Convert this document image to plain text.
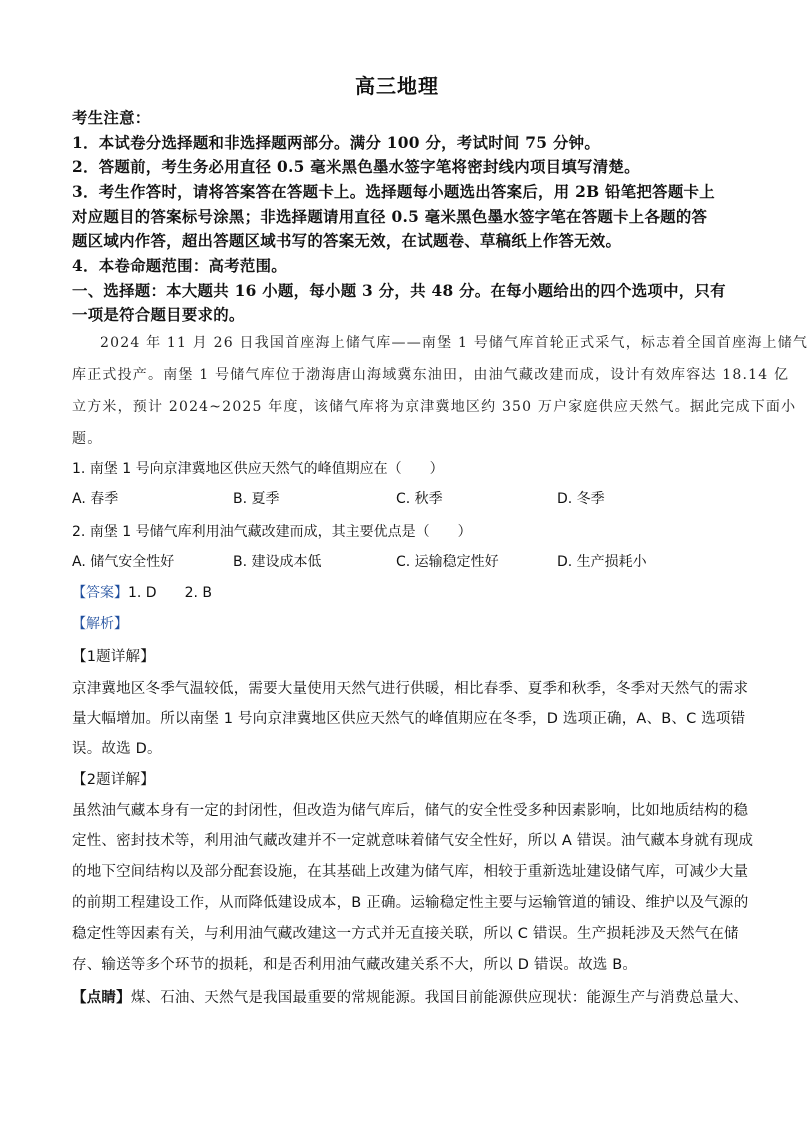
高三地理
考生注意：
1．本试卷分选择题和非选择题两部分。满分 100 分，考试时间 75 分钟。
2．答题前，考生务必用直径 0.5 毫米黑色墨水签字笔将密封线内项目填写清楚。
3．考生作答时，请将答案答在答题卡上。选择题每小题选出答案后，用 2B 铅笔把答题卡上
对应题目的答案标号涂黑；非选择题请用直径 0.5 毫米黑色墨水签字笔在答题卡上各题的答
题区域内作答，超出答题区域书写的答案无效，在试题卷、草稿纸上作答无效。
4．本卷命题范围：高考范围。
一、选择题：本大题共 16 小题，每小题 3 分，共 48 分。在每小题给出的四个选项中，只有
一项是符合题目要求的。
2024 年 11 月 26 日我国首座海上储气库——南堡 1 号储气库首轮正式采气，标志着全国首座海上储气
库正式投产。南堡 1 号储气库位于渤海唐山海域冀东油田，由油气藏改建而成，设计有效库容达 18.14 亿
立方米，预计 2024~2025 年度，该储气库将为京津冀地区约 350 万户家庭供应天然气。据此完成下面小
题。
1. 南堡 1 号向京津冀地区供应天然气的峰值期应在（　　）
A. 春季	B. 夏季	C. 秋季	D. 冬季
2. 南堡 1 号储气库利用油气藏改建而成，其主要优点是（　　）
A. 储气安全性好	B. 建设成本低	C. 运输稳定性好	D. 生产损耗小
【答案】1. D　　2. B
【解析】
【1题详解】
京津冀地区冬季气温较低，需要大量使用天然气进行供暖，相比春季、夏季和秋季，冬季对天然气的需求
量大幅增加。所以南堡 1 号向京津冀地区供应天然气的峰值期应在冬季，D 选项正确，A、B、C 选项错
误。故选 D。
【2题详解】
虽然油气藏本身有一定的封闭性，但改造为储气库后，储气的安全性受多种因素影响，比如地质结构的稳
定性、密封技术等，利用油气藏改建并不一定就意味着储气安全性好，所以 A 错误。油气藏本身就有现成
的地下空间结构以及部分配套设施，在其基础上改建为储气库，相较于重新选址建设储气库，可减少大量
的前期工程建设工作，从而降低建设成本，B 正确。运输稳定性主要与运输管道的铺设、维护以及气源的
稳定性等因素有关，与利用油气藏改建这一方式并无直接关联，所以 C 错误。生产损耗涉及天然气在储
存、输送等多个环节的损耗，和是否利用油气藏改建关系不大，所以 D 错误。故选 B。
【点睛】煤、石油、天然气是我国最重要的常规能源。我国目前能源供应现状：能源生产与消费总量大、
